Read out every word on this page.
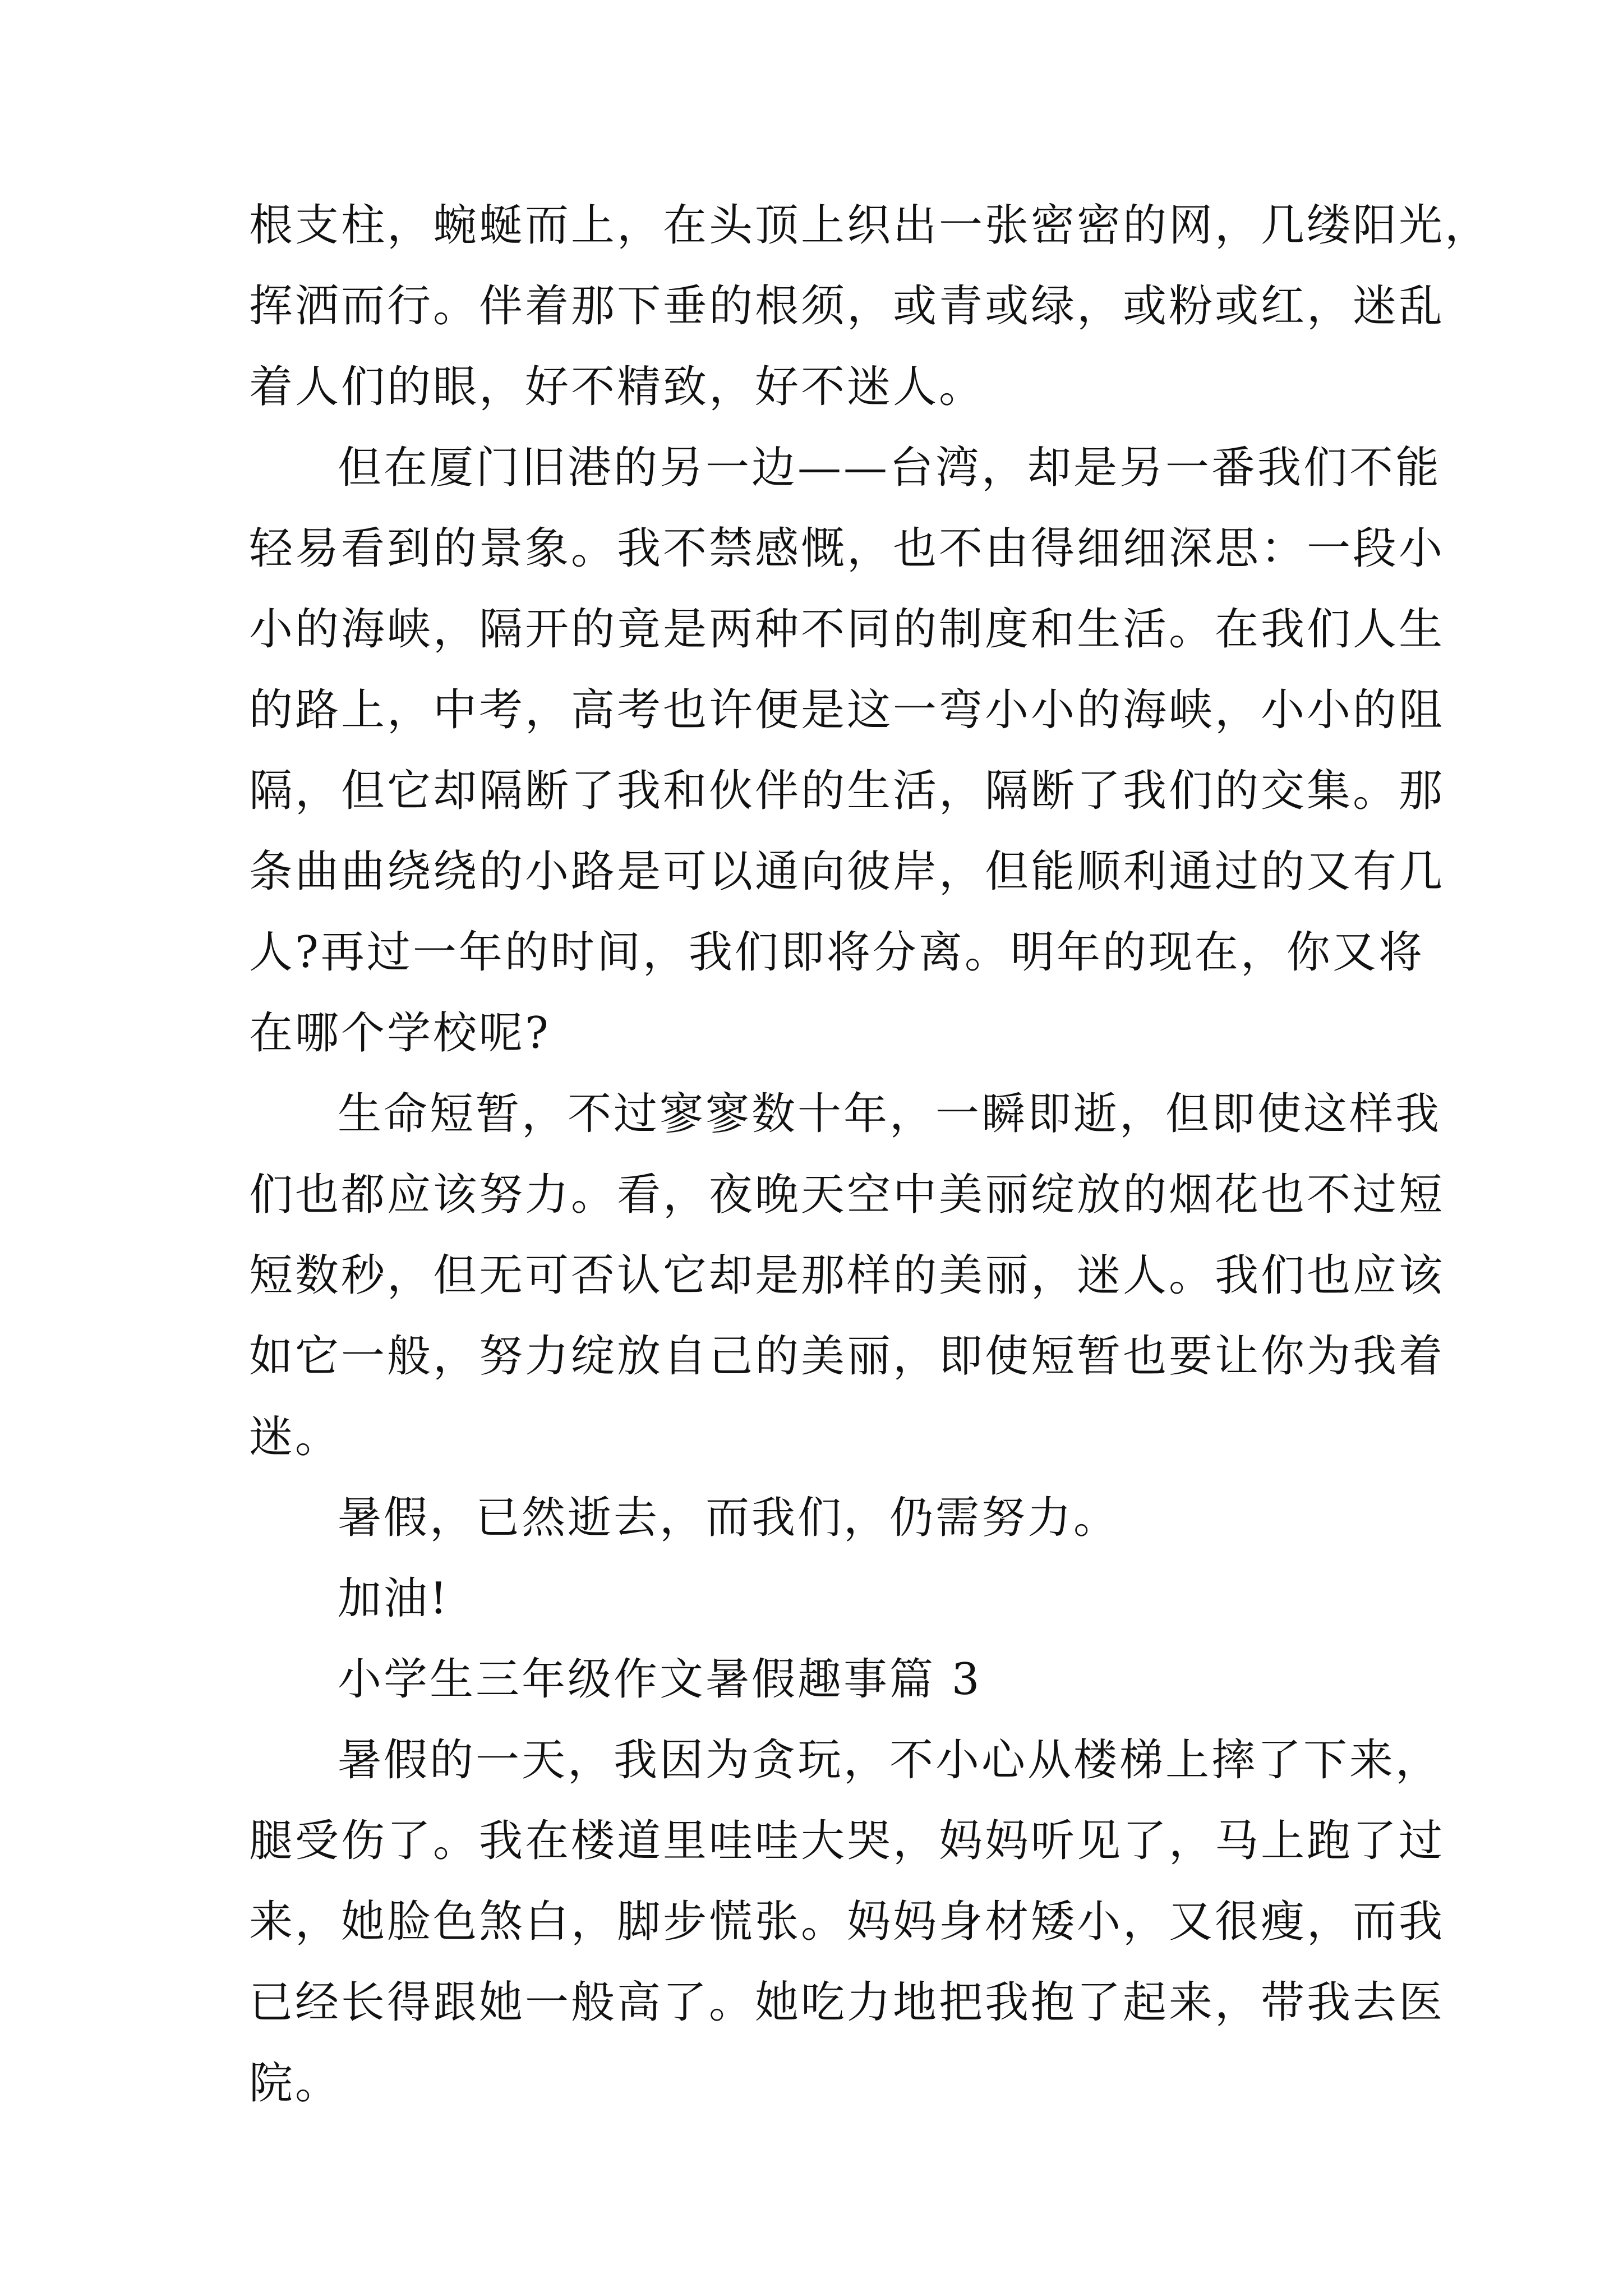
根支柱，蜿蜒而上，在头顶上织出一张密密的网，几缕阳光，
挥洒而行。伴着那下垂的根须，或青或绿，或粉或红，迷乱
着人们的眼，好不精致，好不迷人。
但在厦门旧港的另一边——台湾，却是另一番我们不能
轻易看到的景象。我不禁感慨，也不由得细细深思：一段小
小的海峡，隔开的竟是两种不同的制度和生活。在我们人生
的路上，中考，高考也许便是这一弯小小的海峡，小小的阻
隔，但它却隔断了我和伙伴的生活，隔断了我们的交集。那
条曲曲绕绕的小路是可以通向彼岸，但能顺利通过的又有几
人?再过一年的时间，我们即将分离。明年的现在，你又将
在哪个学校呢?
生命短暂，不过寥寥数十年，一瞬即逝，但即使这样我
们也都应该努力。看，夜晚天空中美丽绽放的烟花也不过短
短数秒，但无可否认它却是那样的美丽，迷人。我们也应该
如它一般，努力绽放自己的美丽，即使短暂也要让你为我着
迷。
暑假，已然逝去，而我们，仍需努力。
加油!
小学生三年级作文暑假趣事篇 3
暑假的一天，我因为贪玩，不小心从楼梯上摔了下来，
腿受伤了。我在楼道里哇哇大哭，妈妈听见了，马上跑了过
来，她脸色煞白，脚步慌张。妈妈身材矮小，又很瘦，而我
已经长得跟她一般高了。她吃力地把我抱了起来，带我去医
院。
